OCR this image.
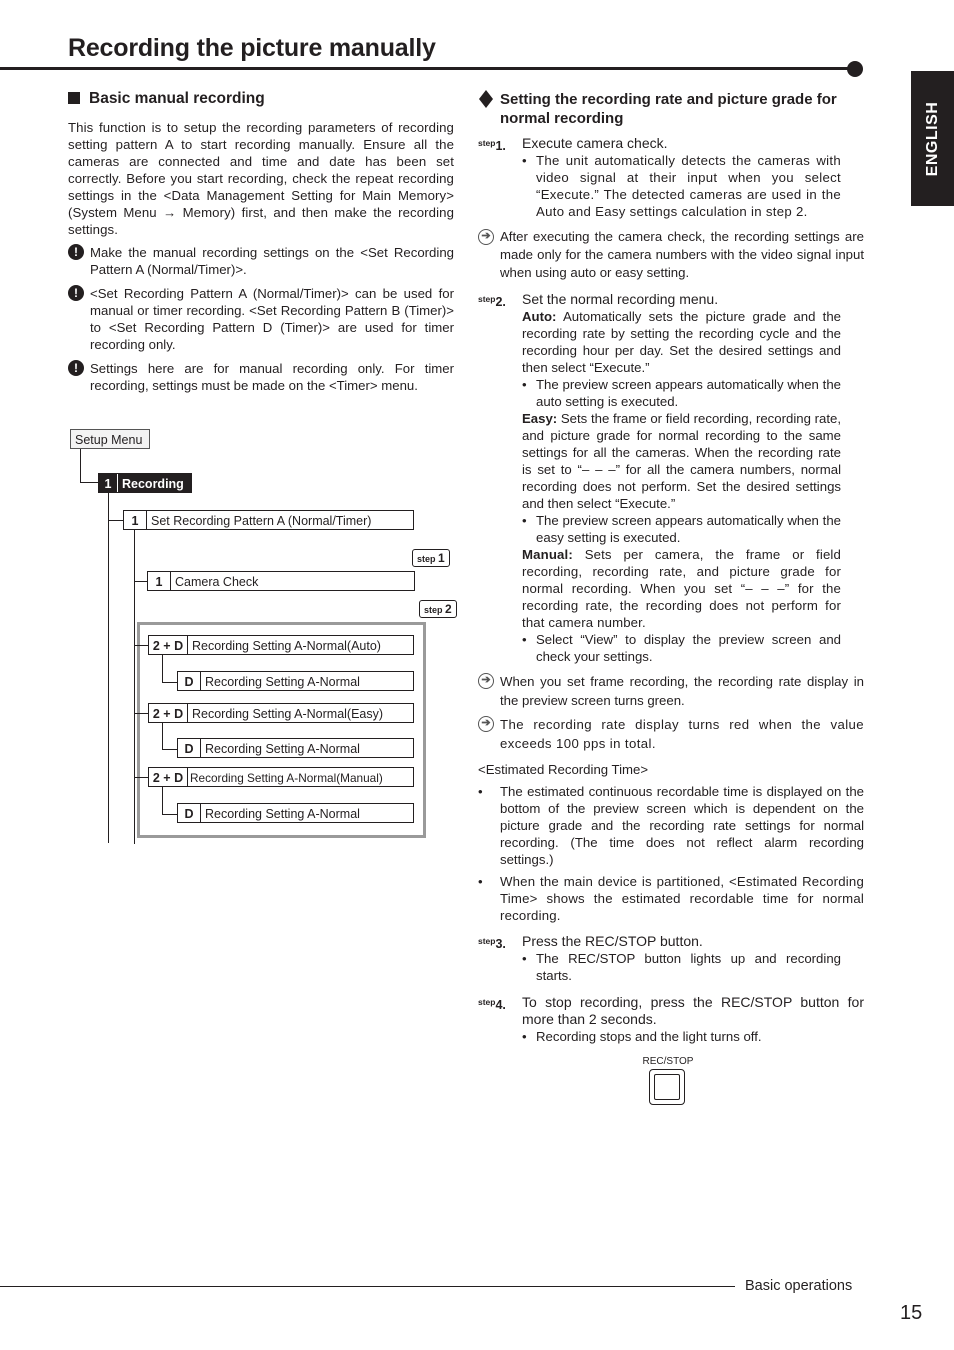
Recording the picture manually
ENGLISH

Basic manual recording

This function is to setup the recording parameters of recording setting pattern A to start recording manually. Ensure all the cameras are connected and time and date has been set correctly. Before you start recording, check the repeat recording settings in the <Data Management Setting for Main Memory> (System Menu → Memory) first, and then make the recording settings.

! Make the manual recording settings on the <Set Recording Pattern A (Normal/Timer)>.

! <Set Recording Pattern A (Normal/Timer)> can be used for manual or timer recording. <Set Recording Pattern B (Timer)> to <Set Recording Pattern D (Timer)> are used for timer recording only.

! Settings here are for manual recording only. For timer recording, settings must be made on the <Timer> menu.

Setup Menu
1 Recording
1 Set Recording Pattern A (Normal/Timer)
step 1
1 Camera Check
step 2
2 + D Recording Setting A-Normal(Auto)
D Recording Setting A-Normal
2 + D Recording Setting A-Normal(Easy)
D Recording Setting A-Normal
2 + D Recording Setting A-Normal(Manual)
D Recording Setting A-Normal

Setting the recording rate and picture grade for normal recording

$^{step}$1.	Execute camera check.

• The unit automatically detects the cameras with video signal at their input when you select “Execute.” The detected cameras are used in the Auto and Easy settings calculation in step 2.

➔ After executing the camera check, the recording settings are made only for the camera numbers with the video signal input when using auto or easy setting.

$^{step}$2.	Set the normal recording menu.

Auto: Automatically sets the picture grade and the recording rate by setting the recording cycle and the recording hour per day. Set the desired settings and then select “Execute.”

• The preview screen appears automatically when the auto setting is executed.

Easy: Sets the frame or field recording, recording rate, and picture grade for normal recording to the same settings for all the cameras. When the recording rate is set to “– – –” for all the camera numbers, normal recording does not perform. Set the desired settings and then select “Execute.”

• The preview screen appears automatically when the easy setting is executed.

Manual: Sets per camera, the frame or field recording, recording rate, and picture grade for normal recording. When you set “– – –” for the recording rate, the recording does not perform for that camera number.

• Select “View” to display the preview screen and check your settings.

➔ When you set frame recording, the recording rate display in the preview screen turns green.

➔ The recording rate display turns red when the value exceeds 100 pps in total.

<Estimated Recording Time>

•	The estimated continuous recordable time is displayed on the bottom of the preview screen which is dependent on the picture grade and the recording rate settings for normal recording. (The time does not reflect alarm recording settings.)

•	When the main device is partitioned, <Estimated Recording Time> shows the estimated recordable time for normal recording.

$^{step}$3.	Press the REC/STOP button.

• The REC/STOP button lights up and recording starts.

$^{step}$4.	To stop recording, press the REC/STOP button for more than 2 seconds.

• Recording stops and the light turns off.

REC/STOP
Basic operations
15
